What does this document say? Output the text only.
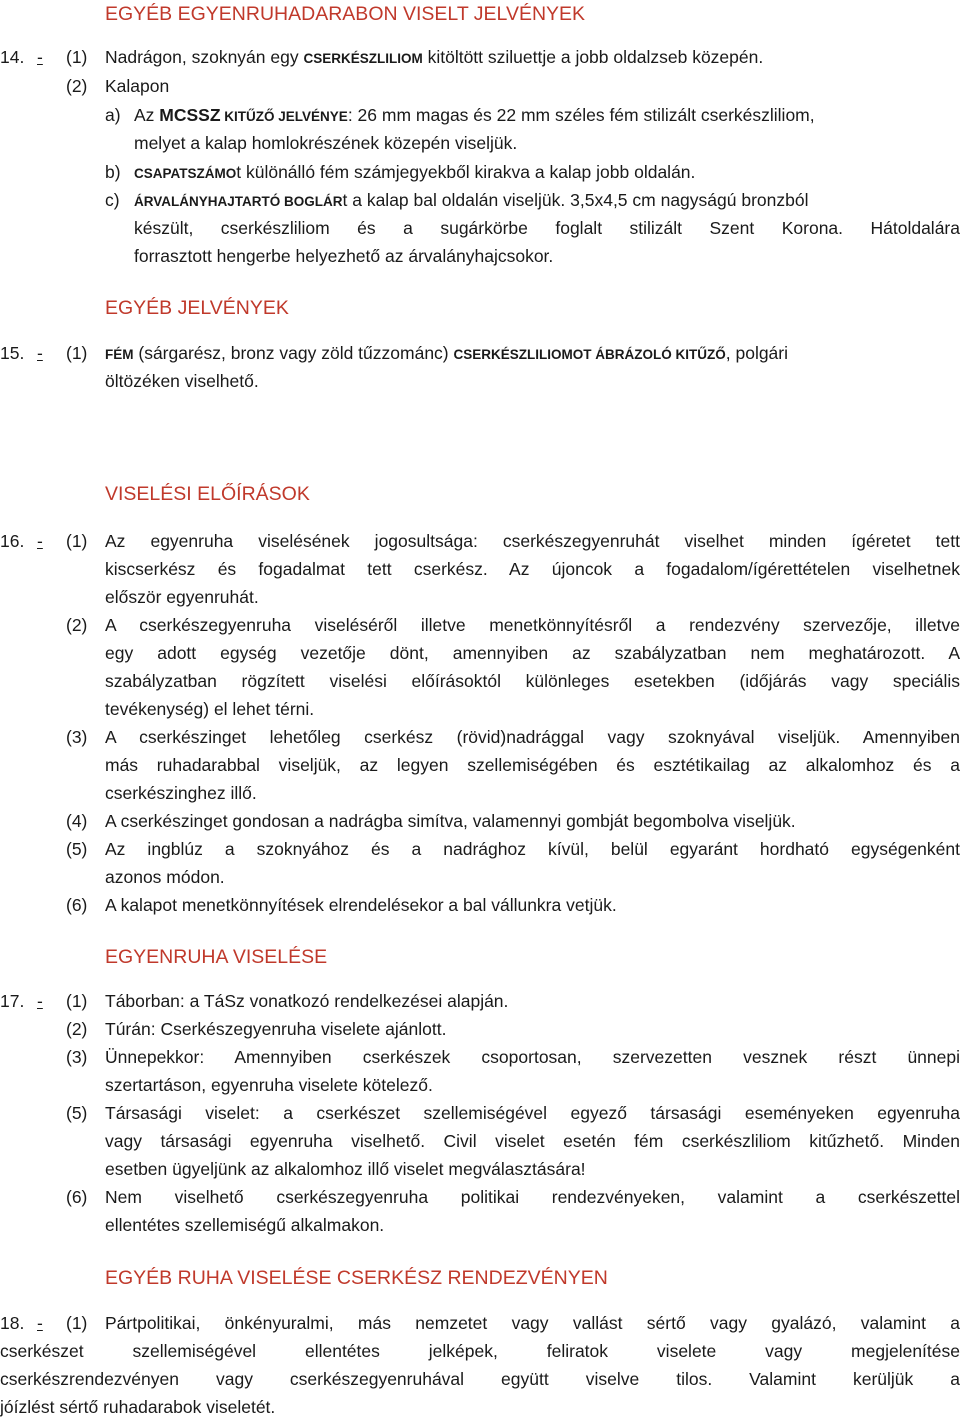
EGYÉB EGYENRUHADARABON VISELT JELVÉNYEK
14. - (1) Nadrágon, szoknyán egy CSERKÉSZLILIOM kitöltött sziluettje a jobb oldalzseb közepén.
(2) Kalapon
a) Az MCSSZ KITŰZŐ JELVÉNYE: 26 mm magas és 22 mm széles fém stilizált cserkészliliom,
melyet a kalap homlokrészének közepén viseljük.
b) CSAPATSZÁMOt különálló fém számjegyekből kirakva a kalap jobb oldalán.
c) ÁRVALÁNYHAJTARTÓ BOGLÁRt a kalap bal oldalán viseljük. 3,5x4,5 cm nagyságú bronzból
készült, cserkészliliom és a sugárkörbe foglalt stilizált Szent Korona. Hátoldalára
forrasztott hengerbe helyezhető az árvalányhajcsokor.
EGYÉB JELVÉNYEK
15. - (1) FÉM (sárgarész, bronz vagy zöld tűzzománc) CSERKÉSZLILIOMOT ÁBRÁZOLÓ KITŰZŐ, polgári
öltözéken viselhető.
VISELÉSI ELŐÍRÁSOK
16. - (1) Az egyenruha viselésének jogosultsága: cserkészegyenruhát viselhet minden ígéretet tett
kiscserkész és fogadalmat tett cserkész. Az újoncok a fogadalom/ígérettételen viselhetnek
először egyenruhát.
(2) A cserkészegyenruha viseléséről illetve menetkönnyítésről a rendezvény szervezője, illetve
egy adott egység vezetője dönt, amennyiben az szabályzatban nem meghatározott. A
szabályzatban rögzített viselési előírásoktól különleges esetekben (időjárás vagy speciális
tevékenység) el lehet térni.
(3) A cserkészinget lehetőleg cserkész (rövid)nadrággal vagy szoknyával viseljük. Amennyiben
más ruhadarabbal viseljük, az legyen szellemiségében és esztétikailag az alkalomhoz és a
cserkészinghez illő.
(4) A cserkészinget gondosan a nadrágba simítva, valamennyi gombját begombolva viseljük.
(5) Az ingblúz a szoknyához és a nadrághoz kívül, belül egyaránt hordható egységenként
azonos módon.
(6) A kalapot menetkönnyítések elrendelésekor a bal vállunkra vetjük.
EGYENRUHA VISELÉSE
17. - (1) Táborban: a TáSz vonatkozó rendelkezései alapján.
(2) Túrán: Cserkészegyenruha viselete ajánlott.
(3) Ünnepekkor: Amennyiben cserkészek csoportosan, szervezetten vesznek részt ünnepi
szertartáson, egyenruha viselete kötelező.
(5) Társasági viselet: a cserkészet szellemiségével egyező társasági eseményeken egyenruha
vagy társasági egyenruha viselhető. Civil viselet esetén fém cserkészliliom kitűzhető. Minden
esetben ügyeljünk az alkalomhoz illő viselet megválasztására!
(6) Nem viselhető cserkészegyenruha politikai rendezvényeken, valamint a cserkészettel
ellentétes szellemiségű alkalmakon.
EGYÉB RUHA VISELÉSE CSERKÉSZ RENDEZVÉNYEN
18. - (1) Pártpolitikai, önkényuralmi, más nemzetet vagy vallást sértő vagy gyalázó, valamint a
cserkészet szellemiségével ellentétes jelképek, feliratok viselete vagy megjelenítése
cserkészrendezvényen vagy cserkészegyenruhával együtt viselve tilos. Valamint kerüljük a
jóízlést sértő ruhadarabok viseletét.
